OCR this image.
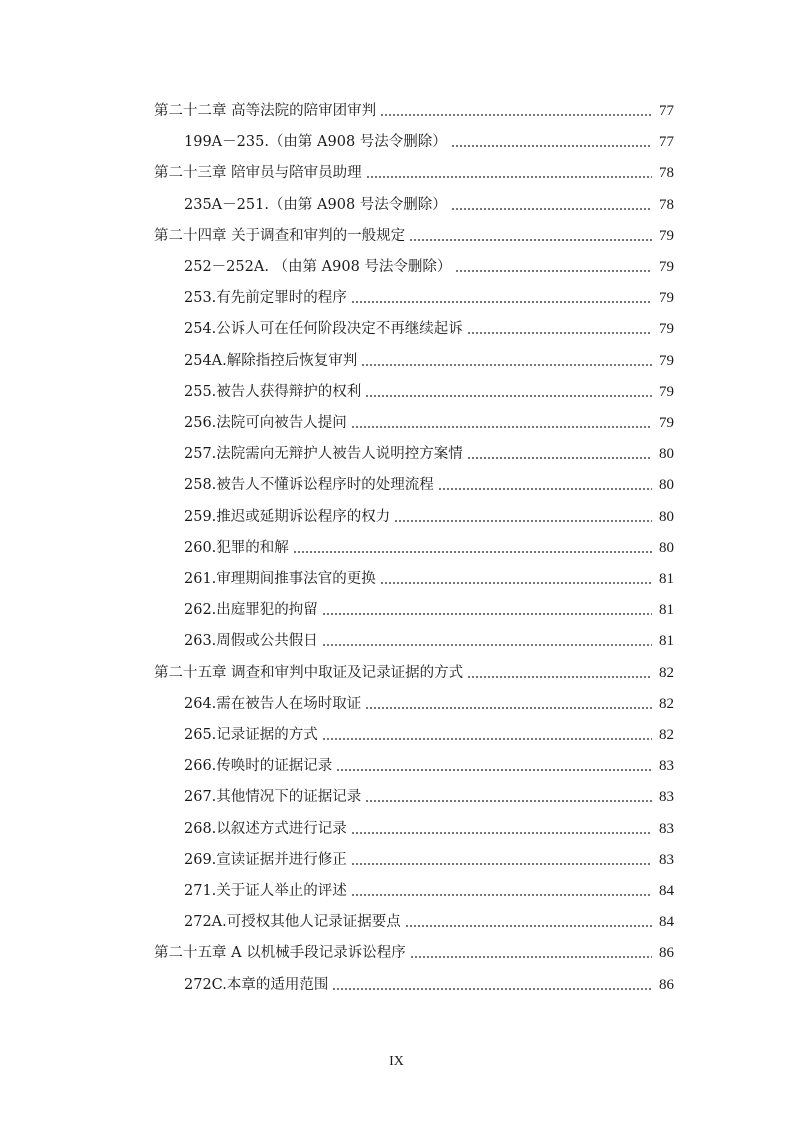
第二十二章 高等法院的陪审团审判	77
199A－235.（由第 A908 号法令删除）	77
第二十三章 陪审员与陪审员助理	78
235A－251.（由第 A908 号法令删除）	78
第二十四章 关于调查和审判的一般规定	79
252－252A. （由第 A908 号法令删除）	79
253.有先前定罪时的程序	79
254.公诉人可在任何阶段决定不再继续起诉	79
254A.解除指控后恢复审判	79
255.被告人获得辩护的权利	79
256.法院可向被告人提问	79
257.法院需向无辩护人被告人说明控方案情	80
258.被告人不懂诉讼程序时的处理流程	80
259.推迟或延期诉讼程序的权力	80
260.犯罪的和解	80
261.审理期间推事法官的更换	81
262.出庭罪犯的拘留	81
263.周假或公共假日	81
第二十五章 调查和审判中取证及记录证据的方式	82
264.需在被告人在场时取证	82
265.记录证据的方式	82
266.传唤时的证据记录	83
267.其他情况下的证据记录	83
268.以叙述方式进行记录	83
269.宣读证据并进行修正	83
271.关于证人举止的评述	84
272A.可授权其他人记录证据要点	84
第二十五章 A 以机械手段记录诉讼程序	86
272C.本章的适用范围	86
IX
